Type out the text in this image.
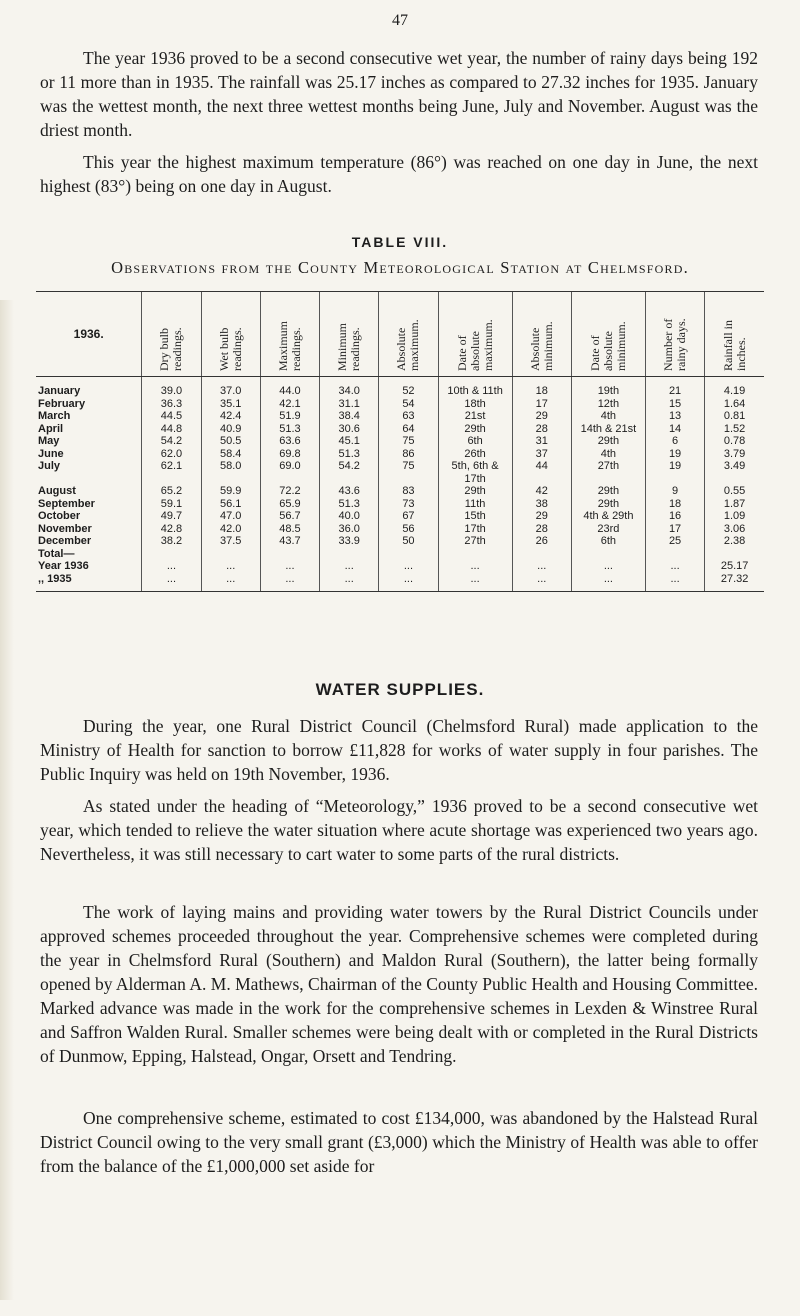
47

The year 1936 proved to be a second consecutive wet year, the number of rainy days being 192 or 11 more than in 1935. The rainfall was 25.17 inches as compared to 27.32 inches for 1935. January was the wettest month, the next three wettest months being June, July and November. August was the driest month.

This year the highest maximum temperature (86°) was reached on one day in June, the next highest (83°) being on one day in August.

TABLE VIII.
Observations from the County Meteorological Station at Chelmsford.
1936.	Dry bulb readings.	Wet bulb readings.	Maximum readings.	Minimum readings.	Absolute maximum.	Date of absolute maximum.	Absolute minimum.	Date of absolute minimum.	Number of rainy days.	Rainfall in inches.

January	39.0	37.0	44.0	34.0	52	10th & 11th	18	19th	21	4.19
February	36.3	35.1	42.1	31.1	54	18th	17	12th	15	1.64
March	44.5	42.4	51.9	38.4	63	21st	29	4th	13	0.81
April	44.8	40.9	51.3	30.6	64	29th	28	14th & 21st	14	1.52
May	54.2	50.5	63.6	45.1	75	6th	31	29th	6	0.78
June	62.0	58.4	69.8	51.3	86	26th	37	4th	19	3.79
July	62.1	58.0	69.0	54.2	75	5th, 6th & 17th	44	27th	19	3.49
August	65.2	59.9	72.2	43.6	83	29th	42	29th	9	0.55
September	59.1	56.1	65.9	51.3	73	11th	38	29th	18	1.87
October	49.7	47.0	56.7	40.0	67	15th	29	4th & 29th	16	1.09
November	42.8	42.0	48.5	36.0	56	17th	28	23rd	17	3.06
December	38.2	37.5	43.7	33.9	50	27th	26	6th	25	2.38
Total—										
Year 1936	...	...	...	...	...	...	...	...	...	25.17
,, 1935	...	...	...	...	...	...	...	...	...	27.32
WATER SUPPLIES.

During the year, one Rural District Council (Chelmsford Rural) made application to the Ministry of Health for sanction to borrow £11,828 for works of water supply in four parishes. The Public Inquiry was held on 19th November, 1936.

As stated under the heading of “Meteorology,” 1936 proved to be a second consecutive wet year, which tended to relieve the water situation where acute shortage was experienced two years ago. Nevertheless, it was still necessary to cart water to some parts of the rural districts.

The work of laying mains and providing water towers by the Rural District Councils under approved schemes proceeded throughout the year. Comprehensive schemes were completed during the year in Chelmsford Rural (Southern) and Maldon Rural (Southern), the latter being formally opened by Alderman A. M. Mathews, Chairman of the County Public Health and Housing Committee. Marked advance was made in the work for the comprehensive schemes in Lexden & Winstree Rural and Saffron Walden Rural. Smaller schemes were being dealt with or completed in the Rural Districts of Dunmow, Epping, Halstead, Ongar, Orsett and Tendring.

One comprehensive scheme, estimated to cost £134,000, was abandoned by the Halstead Rural District Council owing to the very small grant (£3,000) which the Ministry of Health was able to offer from the balance of the £1,000,000 set aside for
